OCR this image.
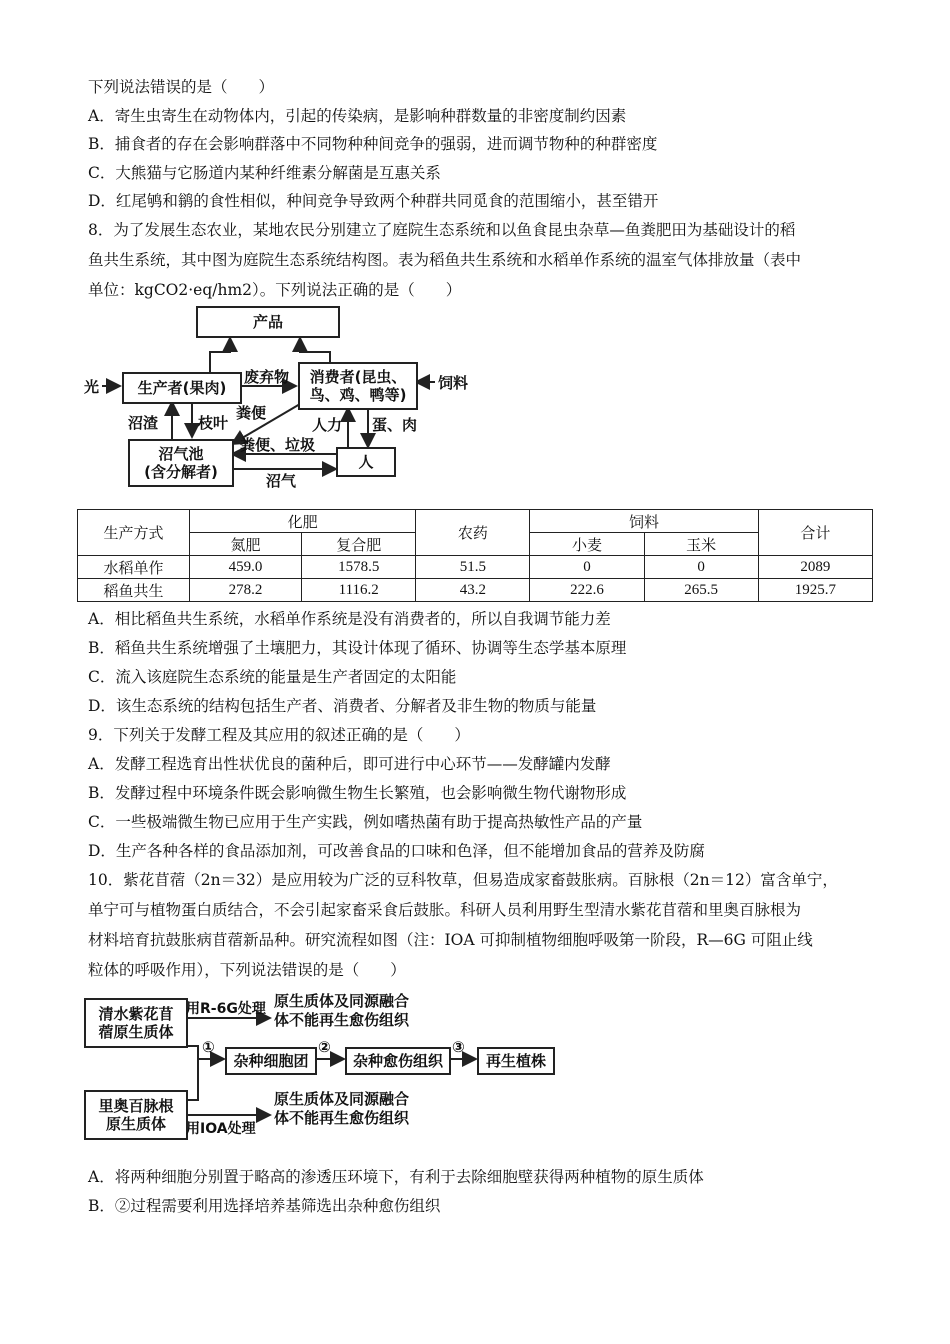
下列说法错误的是（　　）
A．寄生虫寄生在动物体内，引起的传染病，是影响种群数量的非密度制约因素
B．捕食者的存在会影响群落中不同物种种间竞争的强弱，进而调节物种的种群密度
C．大熊猫与它肠道内某种纤维素分解菌是互惠关系
D．红尾鸲和鹟的食性相似，种间竞争导致两个种群共同觅食的范围缩小，甚至错开
8．为了发展生态农业，某地农民分别建立了庭院生态系统和以鱼食昆虫杂草—鱼粪肥田为基础设计的稻
鱼共生系统，其中图为庭院生态系统结构图。表为稻鱼共生系统和水稻单作系统的温室气体排放量（表中
单位：kgCO2·eq/hm2）。下列说法正确的是（　　）
光
产品
生产者(果肉)
消费者(昆虫、
鸟、鸡、鸭等)
饲料
废弃物
粪便
沼渣	枝叶	人力 蛋、肉
粪便、垃圾
沼气
沼气池
(含分解者)
人
生产方式	化肥		农药	饲料		合计
	氮肥	复合肥		小麦	玉米	
水稻单作	459.0	1578.5	51.5	0	0	2089
稻鱼共生	278.2	1116.2	43.2	222.6	265.5	1925.7
A．相比稻鱼共生系统，水稻单作系统是没有消费者的，所以自我调节能力差
B．稻鱼共生系统增强了土壤肥力，其设计体现了循环、协调等生态学基本原理
C．流入该庭院生态系统的能量是生产者固定的太阳能
D．该生态系统的结构包括生产者、消费者、分解者及非生物的物质与能量
9．下列关于发酵工程及其应用的叙述正确的是（　　）
A．发酵工程选育出性状优良的菌种后，即可进行中心环节——发酵罐内发酵
B．发酵过程中环境条件既会影响微生物生长繁殖，也会影响微生物代谢物形成
C．一些极端微生物已应用于生产实践，例如嗜热菌有助于提高热敏性产品的产量
D．生产各种各样的食品添加剂，可改善食品的口味和色泽，但不能增加食品的营养及防腐
10．紫花苜蓿（2n＝32）是应用较为广泛的豆科牧草，但易造成家畜鼓胀病。百脉根（2n＝12）富含单宁，
单宁可与植物蛋白质结合，不会引起家畜采食后鼓胀。科研人员利用野生型清水紫花苜蓿和里奥百脉根为
材料培育抗鼓胀病苜蓿新品种。研究流程如图（注：IOA 可抑制植物细胞呼吸第一阶段，R—6G 可阻止线
粒体的呼吸作用），下列说法错误的是（　　）
清水紫花苜
蓿原生质体
里奥百脉根
原生质体
用R-6G处理
用IOA处理
原生质体及同源融合
体不能再生愈伤组织
原生质体及同源融合
体不能再生愈伤组织
①
杂种细胞团
②
杂种愈伤组织
③
再生植株
A．将两种细胞分别置于略高的渗透压环境下，有利于去除细胞壁获得两种植物的原生质体
B．②过程需要利用选择培养基筛选出杂种愈伤组织
